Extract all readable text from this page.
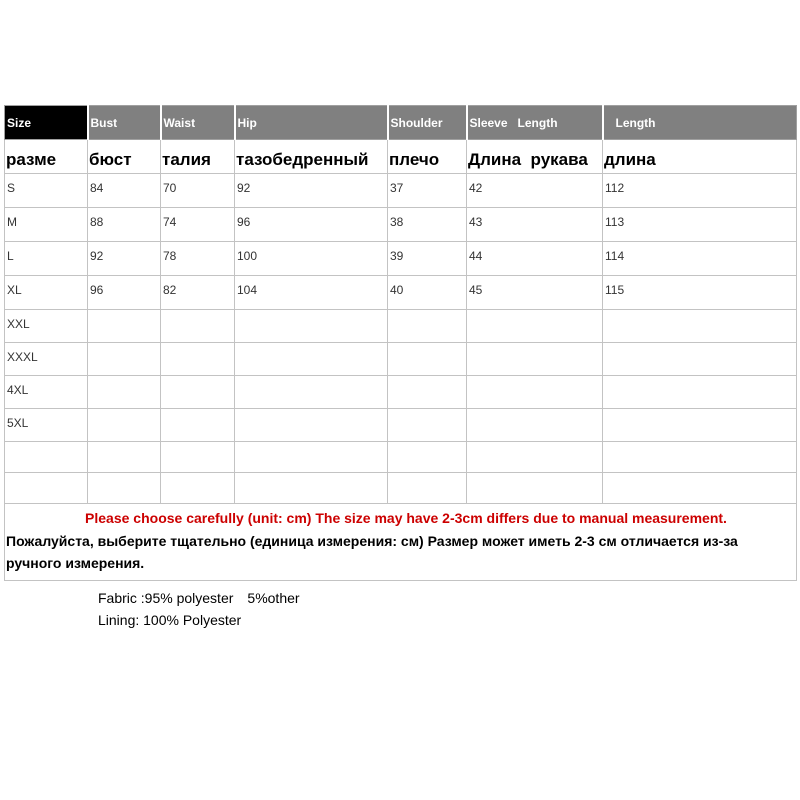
Size	Bust	Waist	Hip	Shoulder	Sleeve   Length	Length
разме	бюст	талия	тазобедренный	плечо	Длина  рукава	длина
S	84	70	92	37	42	112
M	88	74	96	38	43	113
L	92	78	100	39	44	114
XL	96	82	104	40	45	115
XXL						
XXXL						
4XL						
5XL						

Please choose carefully (unit: cm) The size may have 2-3cm differs due to manual measurement.
Пожалуйста, выберите тщательно (единица измерения: см) Размер может иметь 2-3 см отличается из-за ручного измерения.						
Fabric :95% polyester 5%other
Lining: 100% Polyester
